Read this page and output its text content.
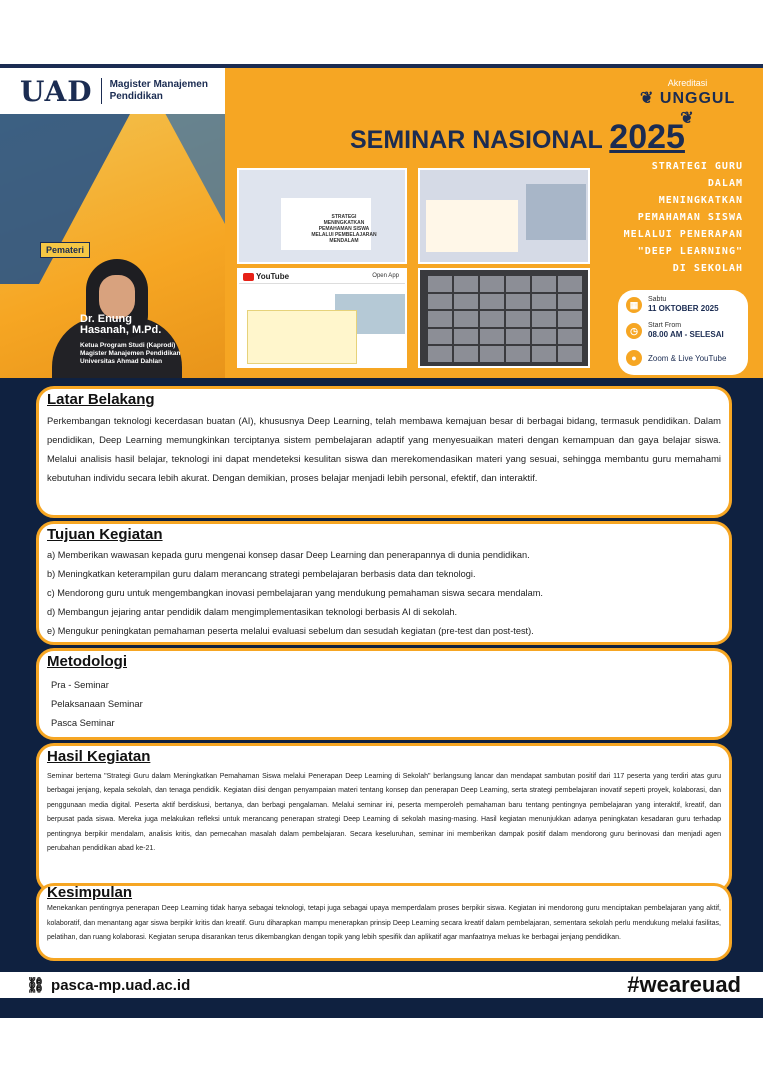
UAD Magister Manajemen
Pendidikan
Pemateri
Dr. Enung
Hasanah, M.Pd.
Ketua Program Studi (Kaprodi)
Magister Manajemen Pendidikan
Universitas Ahmad Dahlan
Akreditasi
❦ UNGGUL ❦
SEMINAR NASIONAL 2025
STRATEGI GURU
DALAM
MENINGKATKAN
PEMAHAMAN SISWA
MELALUI PENERAPAN
"DEEP LEARNING"
DI SEKOLAH
STRATEGI MENINGKATKAN PEMAHAMAN SISWA MELALUI PEMBELAJARAN MENDALAM
YouTube	Open App
▦	Sabtu
11 OKTOBER 2025
◷	Start From
08.00 AM - SELESAI
●	Zoom & Live YouTube
Latar Belakang
Perkembangan teknologi kecerdasan buatan (AI), khususnya Deep Learning, telah membawa kemajuan besar di berbagai bidang, termasuk pendidikan. Dalam pendidikan, Deep Learning memungkinkan terciptanya sistem pembelajaran adaptif yang menyesuaikan materi dengan kemampuan dan gaya belajar siswa. Melalui analisis hasil belajar, teknologi ini dapat mendeteksi kesulitan siswa dan merekomendasikan materi yang sesuai, sehingga membantu guru memahami kebutuhan individu secara lebih akurat. Dengan demikian, proses belajar menjadi lebih personal, efektif, dan interaktif.
Tujuan Kegiatan
a) Memberikan wawasan kepada guru mengenai konsep dasar Deep Learning dan penerapannya di dunia pendidikan.
b) Meningkatkan keterampilan guru dalam merancang strategi pembelajaran berbasis data dan teknologi.
c) Mendorong guru untuk mengembangkan inovasi pembelajaran yang mendukung pemahaman siswa secara mendalam.
d) Membangun jejaring antar pendidik dalam mengimplementasikan teknologi berbasis AI di sekolah.
e) Mengukur peningkatan pemahaman peserta melalui evaluasi sebelum dan sesudah kegiatan (pre-test dan post-test).
Metodologi
Pra - Seminar
Pelaksanaan Seminar
Pasca Seminar
Hasil Kegiatan
Seminar bertema "Strategi Guru dalam Meningkatkan Pemahaman Siswa melalui Penerapan Deep Learning di Sekolah" berlangsung lancar dan mendapat sambutan positif dari 117 peserta yang terdiri atas guru berbagai jenjang, kepala sekolah, dan tenaga pendidik. Kegiatan diisi dengan penyampaian materi tentang konsep dan penerapan Deep Learning, serta strategi pembelajaran inovatif seperti proyek, kolaborasi, dan penggunaan media digital. Peserta aktif berdiskusi, bertanya, dan berbagi pengalaman. Melalui seminar ini, peserta memperoleh pemahaman baru tentang pentingnya pembelajaran yang interaktif, kreatif, dan berpusat pada siswa. Mereka juga melakukan refleksi untuk merancang penerapan strategi Deep Learning di sekolah masing-masing. Hasil kegiatan menunjukkan adanya peningkatan kesadaran guru terhadap pentingnya berpikir mendalam, analisis kritis, dan pemecahan masalah dalam pembelajaran. Secara keseluruhan, seminar ini memberikan dampak positif dalam mendorong guru berinovasi dan menjadi agen perubahan pendidikan abad ke-21.
Kesimpulan
Menekankan pentingnya penerapan Deep Learning tidak hanya sebagai teknologi, tetapi juga sebagai upaya memperdalam proses berpikir siswa. Kegiatan ini mendorong guru menciptakan pembelajaran yang aktif, kolaboratif, dan menantang agar siswa berpikir kritis dan kreatif. Guru diharapkan mampu menerapkan prinsip Deep Learning secara kreatif dalam pembelajaran, sementara sekolah perlu mendukung melalui fasilitas, pelatihan, dan ruang kolaborasi. Kegiatan serupa disarankan terus dikembangkan dengan topik yang lebih spesifik dan aplikatif agar manfaatnya meluas ke berbagai jenjang pendidikan.
⛓ pasca-mp.uad.ac.id	#weareuad
